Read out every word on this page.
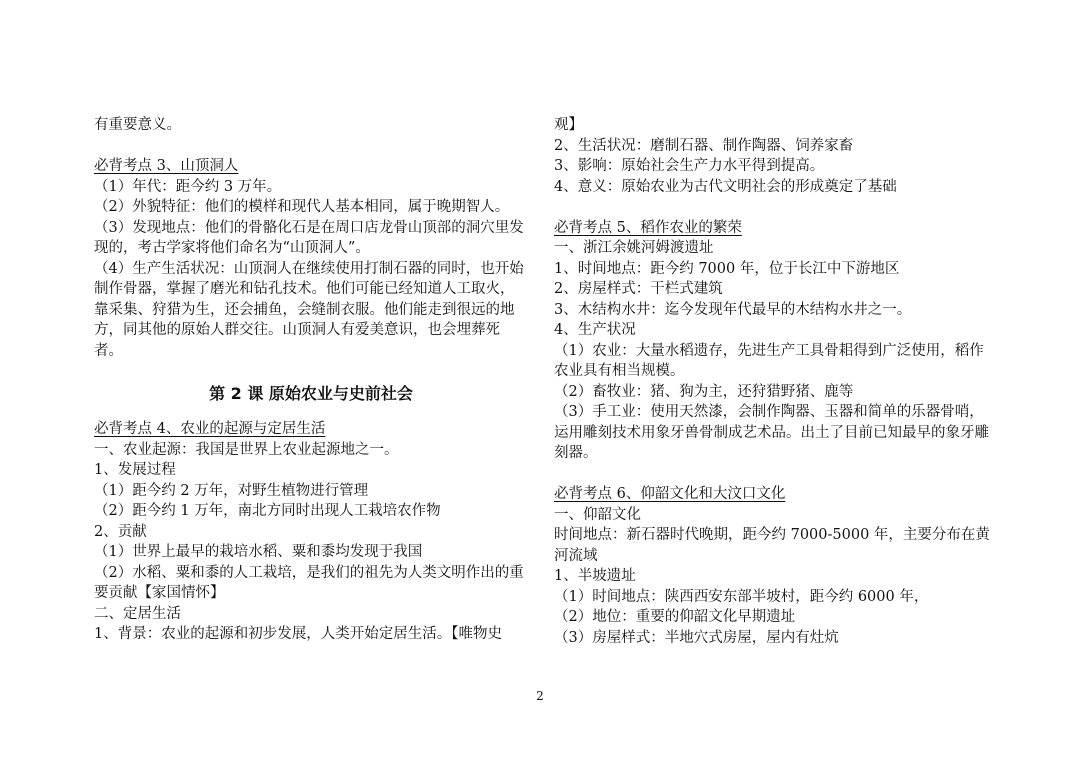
有重要意义。

必背考点 3、山顶洞人

（1）年代：距今约 3 万年。

（2）外貌特征：他们的模样和现代人基本相同，属于晚期智人。

（3）发现地点：他们的骨骼化石是在周口店龙骨山顶部的洞穴里发现的，考古学家将他们命名为“山顶洞人”。

（4）生产生活状况：山顶洞人在继续使用打制石器的同时，也开始制作骨器，掌握了磨光和钻孔技术。他们可能已经知道人工取火，靠采集、狩猎为生，还会捕鱼，会缝制衣服。他们能走到很远的地方，同其他的原始人群交往。山顶洞人有爱美意识，也会埋葬死者。

第 2 课 原始农业与史前社会

必背考点 4、农业的起源与定居生活

一、农业起源：我国是世界上农业起源地之一。

1、发展过程

（1）距今约 2 万年，对野生植物进行管理

（2）距今约 1 万年，南北方同时出现人工栽培农作物

2、贡献

（1）世界上最早的栽培水稻、粟和黍均发现于我国

（2）水稻、粟和黍的人工栽培，是我们的祖先为人类文明作出的重要贡献【家国情怀】

二、定居生活

1、背景：农业的起源和初步发展，人类开始定居生活。【唯物史

观】

2、生活状况：磨制石器、制作陶器、饲养家畜

3、影响：原始社会生产力水平得到提高。

4、意义：原始农业为古代文明社会的形成奠定了基础

必背考点 5、稻作农业的繁荣

一、浙江余姚河姆渡遗址

1、时间地点：距今约 7000 年，位于长江中下游地区

2、房屋样式：干栏式建筑

3、木结构水井：迄今发现年代最早的木结构水井之一。

4、生产状况

（1）农业：大量水稻遗存，先进生产工具骨耜得到广泛使用，稻作农业具有相当规模。

（2）畜牧业：猪、狗为主，还狩猎野猪、鹿等

（3）手工业：使用天然漆，会制作陶器、玉器和简单的乐器骨哨，运用雕刻技术用象牙兽骨制成艺术品。出土了目前已知最早的象牙雕刻器。

必背考点 6、仰韶文化和大汶口文化

一、仰韶文化

时间地点：新石器时代晚期，距今约 7000-5000 年，主要分布在黄河流域

1、半坡遗址

（1）时间地点：陕西西安东部半坡村，距今约 6000 年，

（2）地位：重要的仰韶文化早期遗址

（3）房屋样式：半地穴式房屋，屋内有灶炕

2
